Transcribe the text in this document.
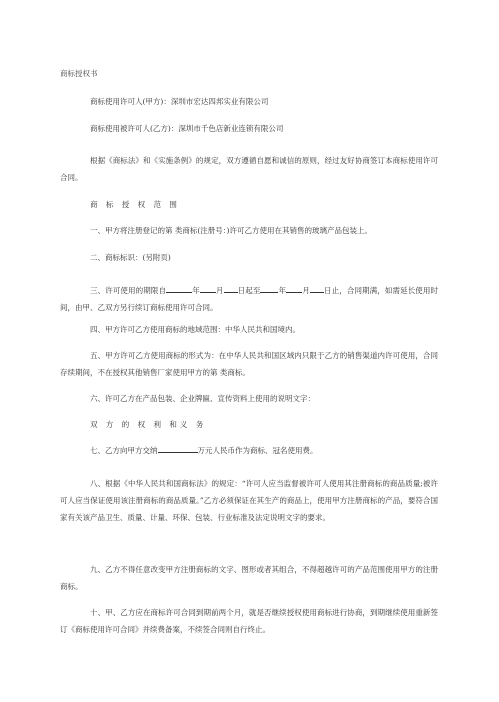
商标授权书
商标使用许可人(甲方)：深圳市宏达四邦实业有限公司
商标使用被许可人(乙方)：深圳市千色店新业连锁有限公司
根据《商标法》和《实施条例》的规定，双方遵循自愿和诚信的原则，经过友好协商签订本商标使用许可合同。
商 标 授 权 范 围
一、甲方将注册登记的第 类商标(注册号：)许可乙方使用在其销售的玻璃产品包装上。
二、商标标识：(另附页)
三、许可使用的期限自	年 月 日起至 年 月 日止，合同期满，如需延长使用时间，由甲、乙双方另行续订商标使用许可合同。
四、甲方许可乙方使用商标的地域范围：中华人民共和国境内。
五、甲方许可乙方使用商标的形式为：在中华人民共和国区域内只限于乙方的销售渠道内许可使用，合同存续期间，不在授权其他销售厂家使用甲方的第 类商标。
六、许可乙方在产品包装、企业牌匾、宣传资料上使用的说明文字：
双 方 的 权 利 和义 务
七、乙方向甲方交纳	万元人民币作为商标、冠名使用费。
八、根据《中华人民共和国商标法》的规定：“许可人应当监督被许可人使用其注册商标的商品质量;被许可人应当保证使用该注册商标的商品质量。”乙方必须保证在其生产的商品上，使用甲方注册商标的产品，要符合国家有关该产品卫生、质量、计量、环保、包装、行业标准及法定说明文字的要求。
九、乙方不得任意改变甲方注册商标的文字、图形或者其组合，不得超越许可的产品范围使用甲方的注册商标。
十、甲、乙方应在商标许可合同到期前两个月，就是否继续授权使用商标进行协商，到期继续使用重新签订《商标使用许可合同》并续费备案，不续签合同则自行终止。
